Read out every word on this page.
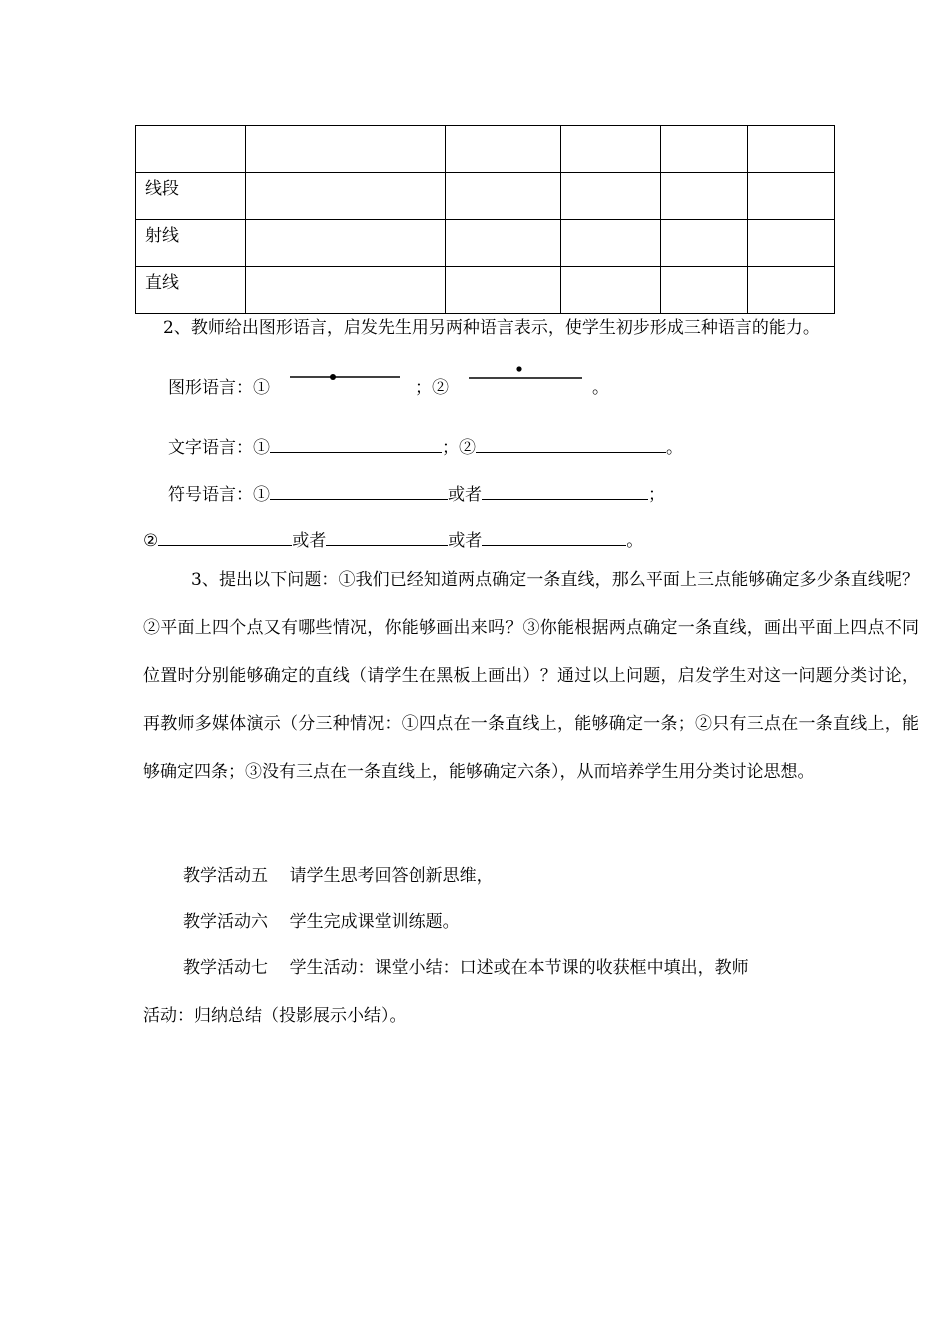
线段					
射线					
直线					
2、教师给出图形语言，启发先生用另两种语言表示，使学生初步形成三种语言的能力。
图形语言：①	；②	。
文字语言：①	；②	。
符号语言：①	或者	；
②	或者	或者	。
3、提出以下问题：①我们已经知道两点确定一条直线，那么平面上三点能够确定多少条直线呢？②平面上四个点又有哪些情况，你能够画出来吗？③你能根据两点确定一条直线，画出平面上四点不同位置时分别能够确定的直线（请学生在黑板上画出）？通过以上问题，启发学生对这一问题分类讨论，再教师多媒体演示（分三种情况：①四点在一条直线上，能够确定一条；②只有三点在一条直线上，能够确定四条；③没有三点在一条直线上，能够确定六条），从而培养学生用分类讨论思想。
教学活动五    请学生思考回答创新思维，
教学活动六    学生完成课堂训练题。
教学活动七    学生活动：课堂小结：口述或在本节课的收获框中填出，教师
活动：归纳总结（投影展示小结）。
